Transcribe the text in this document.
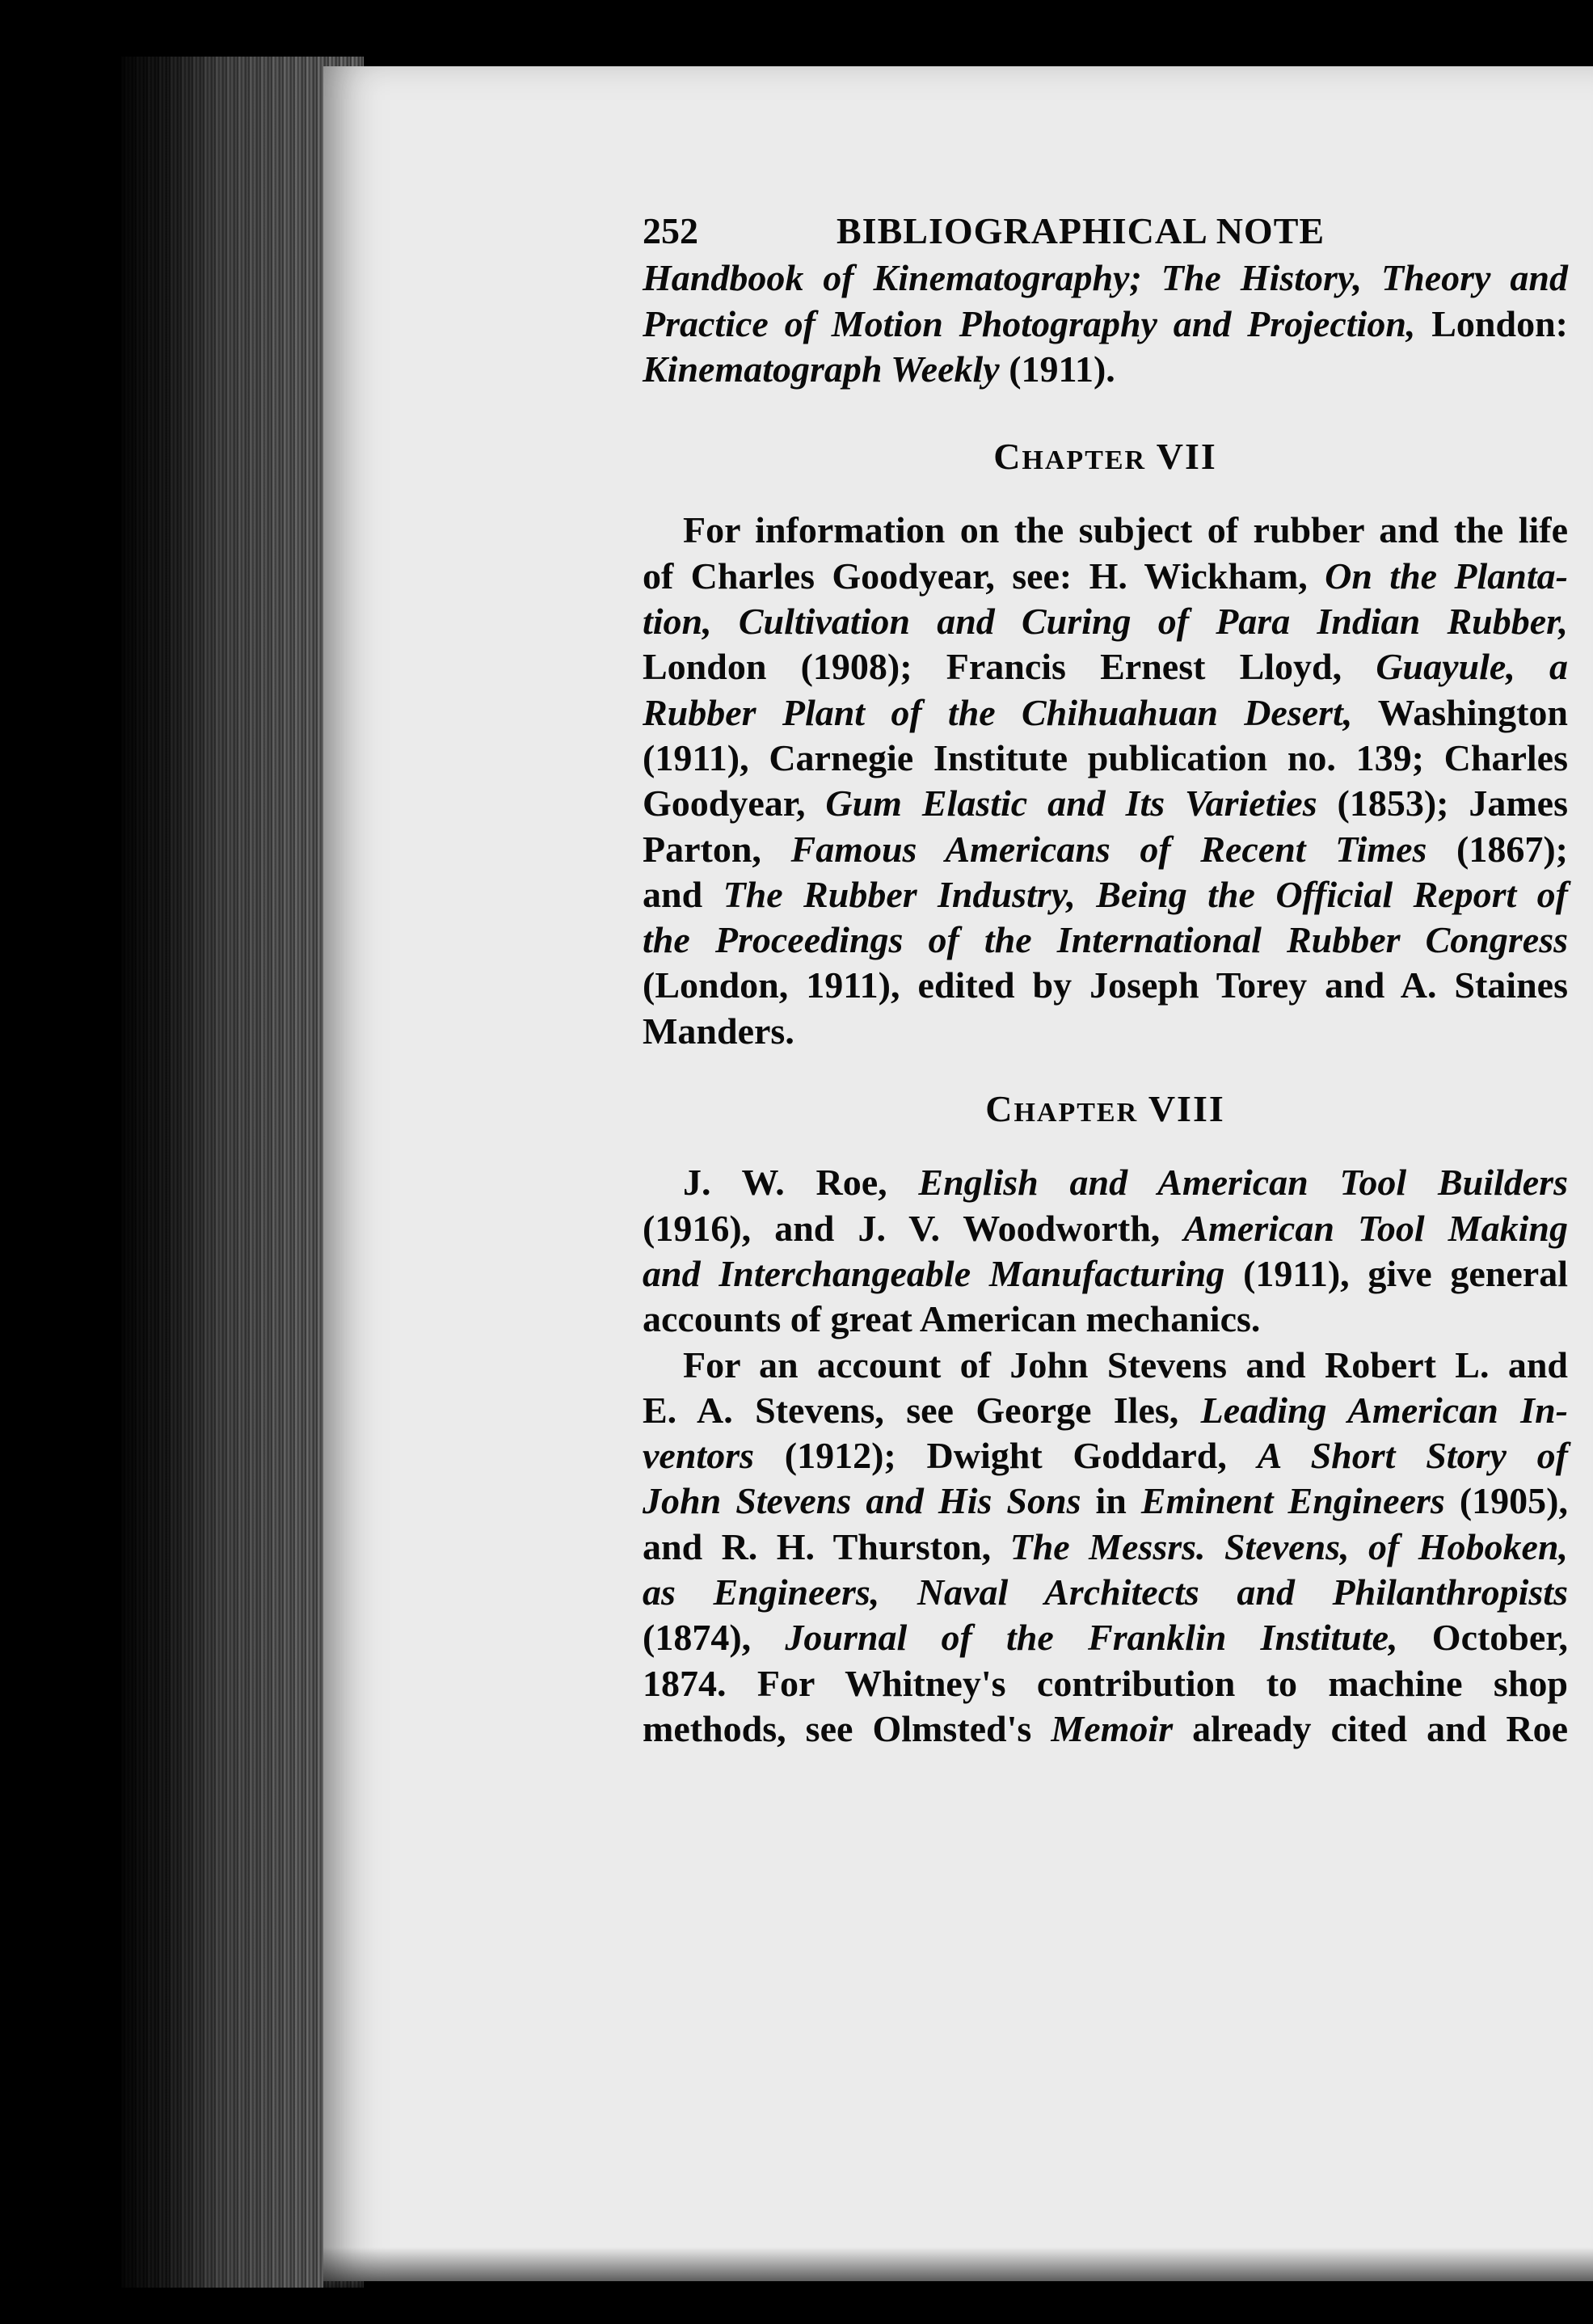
252	BIBLIOGRAPHICAL NOTE
Handbook of Kinematography; The History, Theory and
Practice of Motion Photography and Projection, London:
Kinematograph Weekly (1911).
CHAPTER VII
For information on the subject of rubber and the life
of Charles Goodyear, see: H. Wickham, On the Planta-
tion, Cultivation and Curing of Para Indian Rubber,
London (1908); Francis Ernest Lloyd, Guayule, a
Rubber Plant of the Chihuahuan Desert, Washington
(1911), Carnegie Institute publication no. 139; Charles
Goodyear, Gum Elastic and Its Varieties (1853); James
Parton, Famous Americans of Recent Times (1867);
and The Rubber Industry, Being the Official Report of
the Proceedings of the International Rubber Congress
(London, 1911), edited by Joseph Torey and A. Staines
Manders.
CHAPTER VIII
J. W. Roe, English and American Tool Builders
(1916), and J. V. Woodworth, American Tool Making
and Interchangeable Manufacturing (1911), give general
accounts of great American mechanics.
For an account of John Stevens and Robert L. and
E. A. Stevens, see George Iles, Leading American In-
ventors (1912); Dwight Goddard, A Short Story of
John Stevens and His Sons in Eminent Engineers (1905),
and R. H. Thurston, The Messrs. Stevens, of Hoboken,
as Engineers, Naval Architects and Philanthropists
(1874), Journal of the Franklin Institute, October,
1874. For Whitney's contribution to machine shop
methods, see Olmsted's Memoir already cited and Roe
